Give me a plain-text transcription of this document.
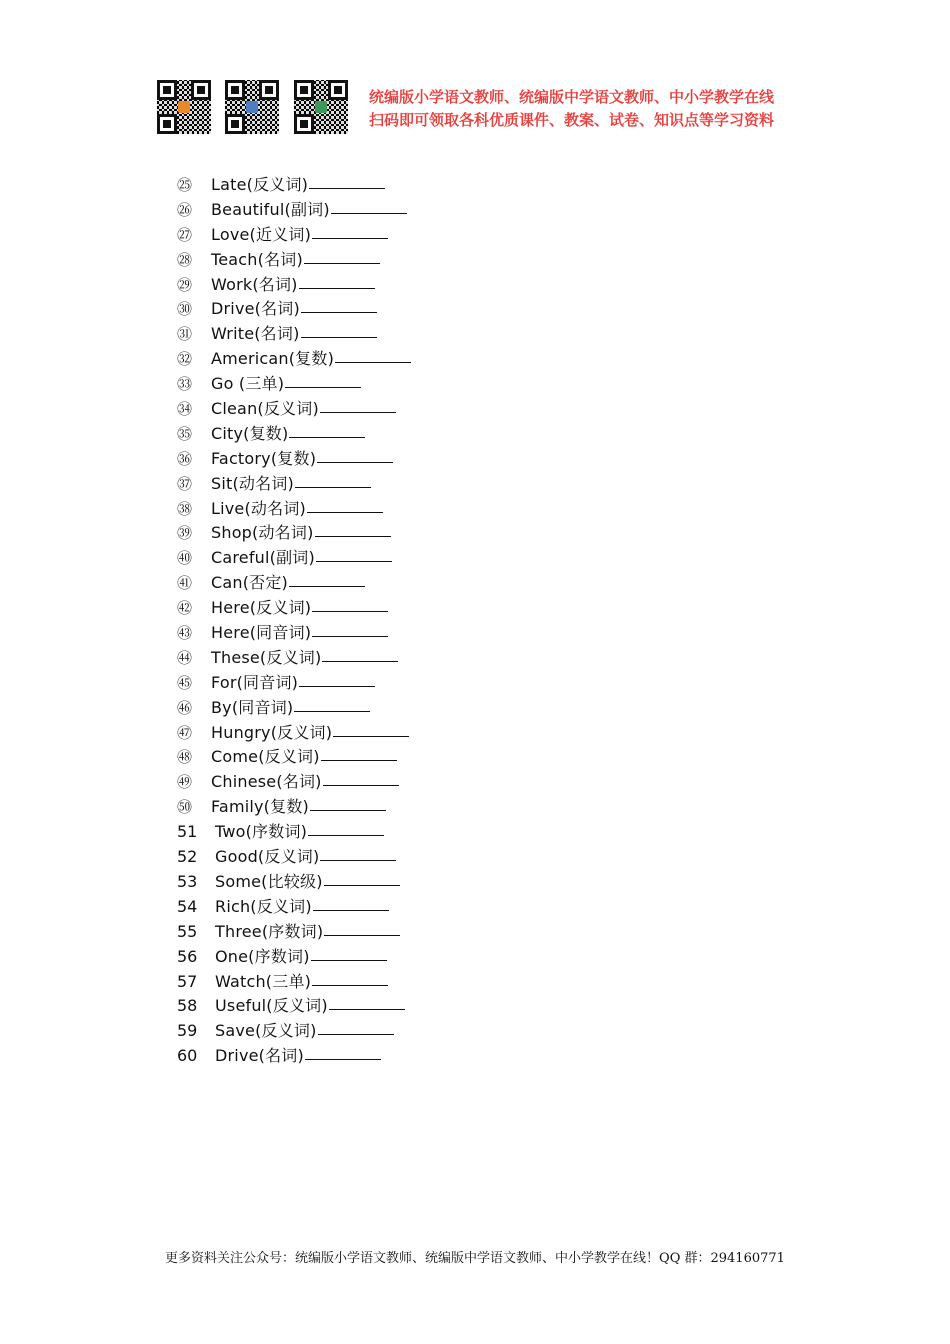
统编版小学语文教师、统编版中学语文教师、中小学教学在线
扫码即可领取各科优质课件、教案、试卷、知识点等学习资料
㉕	Late(反义词)
㉖	Beautiful(副词)
㉗	Love(近义词)
㉘	Teach(名词)
㉙	Work(名词)
㉚	Drive(名词)
㉛	Write(名词)
㉜	American(复数)
㉝	Go (三单)
㉞	Clean(反义词)
㉟	City(复数)
㊱	Factory(复数)
㊲	Sit(动名词)
㊳	Live(动名词)
㊴	Shop(动名词)
㊵	Careful(副词)
㊶	Can(否定)
㊷	Here(反义词)
㊸	Here(同音词)
㊹	These(反义词)
㊺	For(同音词)
㊻	By(同音词)
㊼	Hungry(反义词)
㊽	Come(反义词)
㊾	Chinese(名词)
㊿	Family(复数)
51	Two(序数词)
52	Good(反义词)
53	Some(比较级)
54	Rich(反义词)
55	Three(序数词)
56	One(序数词)
57	Watch(三单)
58	Useful(反义词)
59	Save(反义词)
60	Drive(名词)
更多资料关注公众号：统编版小学语文教师、统编版中学语文教师、中小学教学在线！QQ 群：294160771
